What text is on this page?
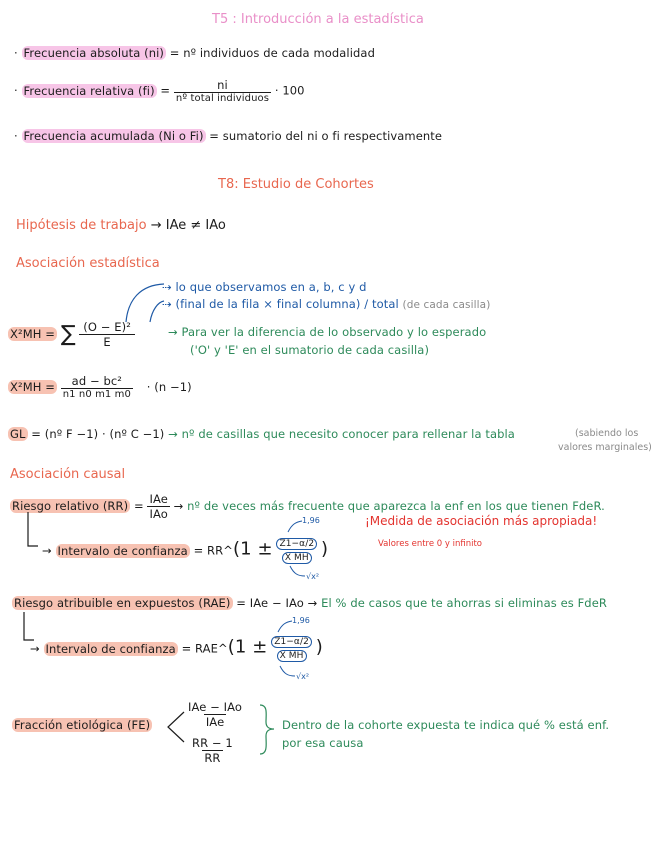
T5 : Introducción a la estadística
· Frecuencia absoluta (ni) = nº individuos de cada modalidad
· Frecuencia relativa $(fi) = \frac{ni}{\text{nº total individuos}} \cdot 100$
· Frecuencia acumulada (Ni o Fi) = sumatorio del ni o fi respectivamente
T8: Estudio de Cohortes
Hipótesis de trabajo → IAe ≠ IAo
Asociación estadística
⇢ lo que observamos en a, b, c y d
⇢ (final de la fila × final columna) / total (de cada casilla)
X²MH = ∑ $\frac{\text{(O − E)²}}{E}$	→ Para ver la diferencia de lo observado y lo esperado
('O' y 'E' en el sumatorio de cada casilla)
$X^2MH = \frac{\text{ad − bc²}}{n1 n0 m1 m0} \cdot (n -1)$
GL = (nº F −1) · (nº C −1) → nº de casillas que necesito conocer para rellenar la tabla	(sabiendo los
valores marginales)
Asociación causal
Riesgo relativo $(RR) = \frac{\text{IAe}}{\text{IAo}}$ → nº de veces más frecuente que aparezca la enf en los que tienen FdeR.
¡Medida de asociación más apropiada!
Valores entre 0 y infinito
→ Intervalo de confianza = RR^(1 ± $\frac{Z1-\alpha/2}{\text{X MH}}$ )
1,96
√x²
Riesgo atribuible en expuestos (RAE) = IAe − IAo → El % de casos que te ahorras si eliminas es FdeR
→ Intervalo de confianza = RAE^(1 ± $\frac{Z1-\alpha/2}{\text{X MH}}$ )
1,96
√x²
Fracción etiológica (FE)	$\frac{\text{IAe − IAo}}{\text{IAe}}$
$\frac{RR - 1}{RR}$
Dentro de la cohorte expuesta te indica qué % está enf.
por esa causa
